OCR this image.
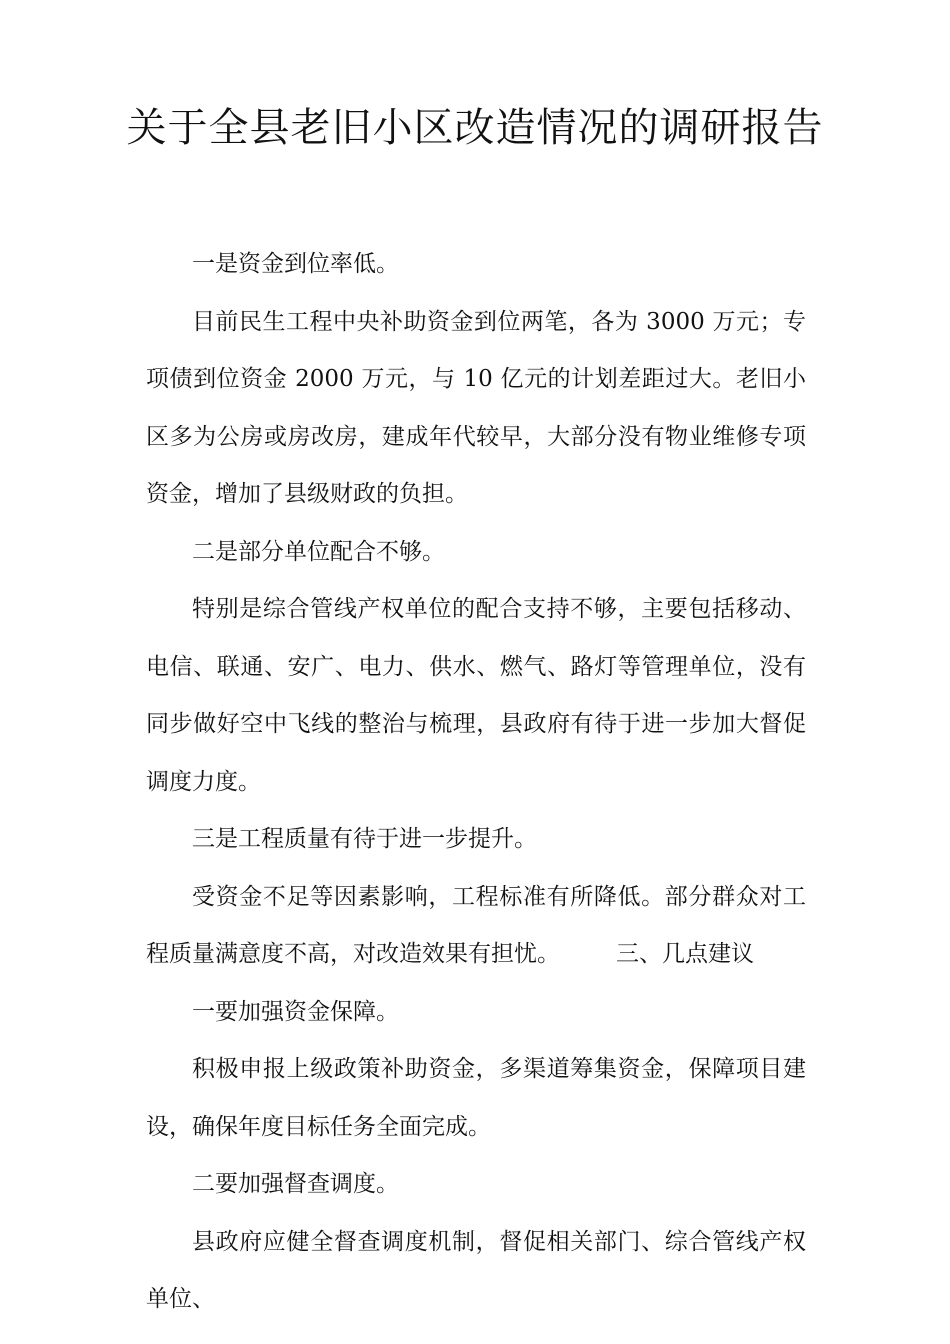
关于全县老旧小区改造情况的调研报告

一是资金到位率低。

目前民生工程中央补助资金到位两笔，各为 3000 万元；专项债到位资金 2000 万元，与 10 亿元的计划差距过大。老旧小区多为公房或房改房，建成年代较早，大部分没有物业维修专项资金，增加了县级财政的负担。

二是部分单位配合不够。

特别是综合管线产权单位的配合支持不够，主要包括移动、电信、联通、安广、电力、供水、燃气、路灯等管理单位，没有同步做好空中飞线的整治与梳理，县政府有待于进一步加大督促调度力度。

三是工程质量有待于进一步提升。

受资金不足等因素影响，工程标准有所降低。部分群众对工程质量满意度不高，对改造效果有担忧。 三、几点建议

一要加强资金保障。

积极申报上级政策补助资金，多渠道筹集资金，保障项目建设，确保年度目标任务全面完成。

二要加强督查调度。

县政府应健全督查调度机制，督促相关部门、综合管线产权单位、
